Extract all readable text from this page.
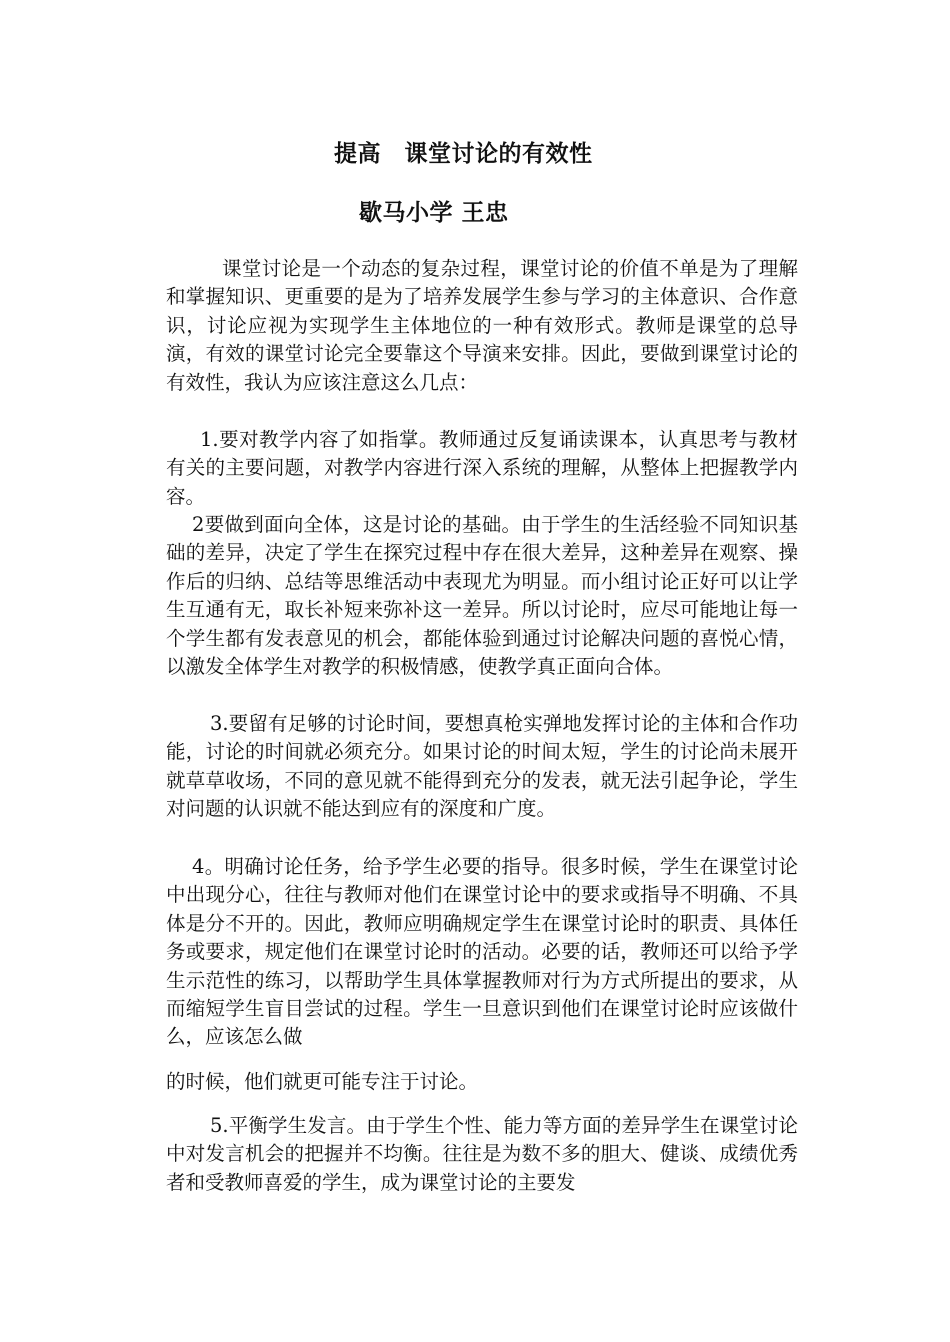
提高　课堂讨论的有效性
歇马小学 王忠

课堂讨论是一个动态的复杂过程，课堂讨论的价值不单是为了理解和掌握知识、更重要的是为了培养发展学生参与学习的主体意识、合作意识，讨论应视为实现学生主体地位的一种有效形式。教师是课堂的总导演，有效的课堂讨论完全要靠这个导演来安排。因此，要做到课堂讨论的有效性，我认为应该注意这么几点：

1.要对教学内容了如指掌。教师通过反复诵读课本，认真思考与教材有关的主要问题，对教学内容进行深入系统的理解，从整体上把握教学内容。

2要做到面向全体，这是讨论的基础。由于学生的生活经验不同知识基础的差异，决定了学生在探究过程中存在很大差异，这种差异在观察、操作后的归纳、总结等思维活动中表现尤为明显。而小组讨论正好可以让学生互通有无，取长补短来弥补这一差异。所以讨论时，应尽可能地让每一个学生都有发表意见的机会，都能体验到通过讨论解决问题的喜悦心情，以激发全体学生对教学的积极情感，使教学真正面向合体。

3.要留有足够的讨论时间，要想真枪实弹地发挥讨论的主体和合作功能，讨论的时间就必须充分。如果讨论的时间太短，学生的讨论尚未展开就草草收场，不同的意见就不能得到充分的发表，就无法引起争论，学生对问题的认识就不能达到应有的深度和广度。

4。明确讨论任务，给予学生必要的指导。很多时候，学生在课堂讨论中出现分心，往往与教师对他们在课堂讨论中的要求或指导不明确、不具体是分不开的。因此，教师应明确规定学生在课堂讨论时的职责、具体任务或要求，规定他们在课堂讨论时的活动。必要的话，教师还可以给予学生示范性的练习，以帮助学生具体掌握教师对行为方式所提出的要求，从而缩短学生盲目尝试的过程。学生一旦意识到他们在课堂讨论时应该做什么，应该怎么做

的时候，他们就更可能专注于讨论。

5.平衡学生发言。由于学生个性、能力等方面的差异学生在课堂讨论中对发言机会的把握并不均衡。往往是为数不多的胆大、健谈、成绩优秀者和受教师喜爱的学生，成为课堂讨论的主要发
